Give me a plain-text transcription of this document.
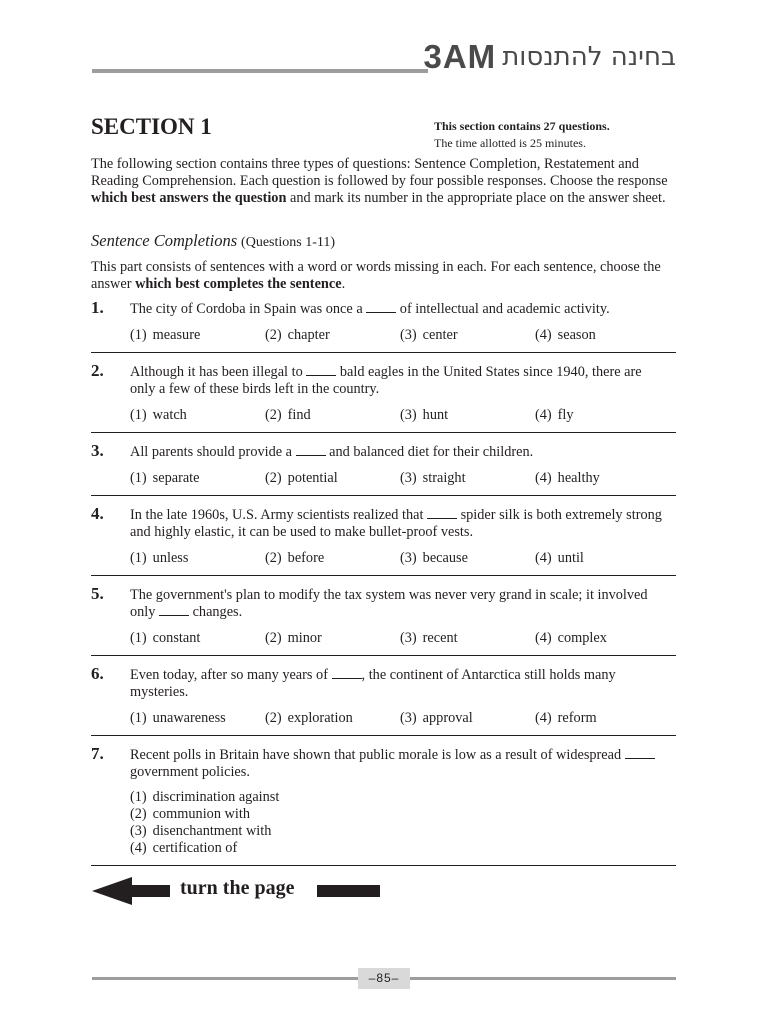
3AM בחינה להתנסות
SECTION 1	This section contains 27 questions.
The time allotted is 25 minutes.
The following section contains three types of questions: Sentence Completion, Restatement and Reading Comprehension. Each question is followed by four possible responses. Choose the response which best answers the question and mark its number in the appropriate place on the answer sheet.
Sentence Completions (Questions 1-11)
This part consists of sentences with a word or words missing in each. For each sentence, choose the answer which best completes the sentence.
1. The city of Cordoba in Spain was once a  of intellectual and academic activity.
(1) measure	(2) chapter	(3) center	(4) season
2. Although it has been illegal to  bald eagles in the United States since 1940, there are only a few of these birds left in the country.
(1) watch	(2) find	(3) hunt	(4) fly
3. All parents should provide a  and balanced diet for their children.
(1) separate	(2) potential	(3) straight	(4) healthy
4. In the late 1960s, U.S. Army scientists realized that  spider silk is both extremely strong and highly elastic, it can be used to make bullet-proof vests.
(1) unless	(2) before	(3) because	(4) until
5. The government's plan to modify the tax system was never very grand in scale; it involved only  changes.
(1) constant	(2) minor	(3) recent	(4) complex
6. Even today, after so many years of , the continent of Antarctica still holds many mysteries.
(1) unawareness	(2) exploration	(3) approval	(4) reform
7. Recent polls in Britain have shown that public morale is low as a result of widespread  government policies.
(1) discrimination against
(2) communion with
(3) disenchantment with
(4) certification of
turn the page
–85–
